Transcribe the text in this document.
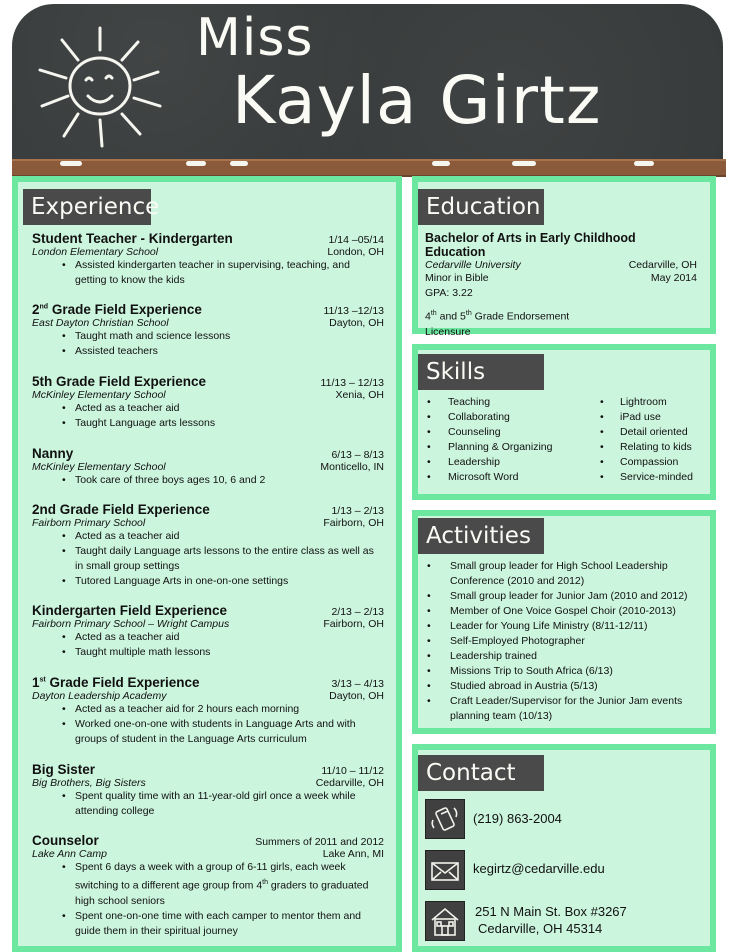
Miss
Kayla Girtz
Experience
Student Teacher - Kindergarten	1/14 –05/14
London Elementary School	London, OH
• Assisted kindergarten teacher in supervising, teaching, and getting to know the kids
2nd Grade Field Experience	11/13 –12/13
East Dayton Christian School	Dayton, OH
• Taught math and science lessons
• Assisted teachers
5th Grade Field Experience	11/13 – 12/13
McKinley Elementary School	Xenia, OH
• Acted as a teacher aid
• Taught Language arts lessons
Nanny	6/13 – 8/13
McKinley Elementary School	Monticello, IN
• Took care of three boys ages 10, 6 and 2
2nd Grade Field Experience	1/13 – 2/13
Fairborn Primary School	Fairborn, OH
• Acted as a teacher aid
• Taught daily Language arts lessons to the entire class as well as in small group settings
• Tutored Language Arts in one-on-one settings
Kindergarten Field Experience	2/13 – 2/13
Fairborn Primary School – Wright Campus	Fairborn, OH
• Acted as a teacher aid
• Taught multiple math lessons
1st Grade Field Experience	3/13 – 4/13
Dayton Leadership Academy	Dayton, OH
• Acted as a teacher aid for 2 hours each morning
• Worked one-on-one with students in Language Arts and with groups of student in the Language Arts curriculum
Big Sister	11/10 – 11/12
Big Brothers, Big Sisters	Cedarville, OH
• Spent quality time with an 11-year-old girl once a week while attending college
Counselor	Summers of 2011 and 2012
Lake Ann Camp	Lake Ann, MI
• Spent 6 days a week with a group of 6-11 girls, each week switching to a different age group from 4th graders to graduated high school seniors
• Spent one-on-one time with each camper to mentor them and guide them in their spiritual journey
Education
Bachelor of Arts in Early Childhood Education
Cedarville University	Cedarville, OH
Minor in Bible	May 2014
GPA: 3.22
4th and 5th Grade Endorsement
Licensure
Skills
• Teaching
• Collaborating
• Counseling
• Planning & Organizing
• Leadership
• Microsoft Word
• Lightroom
• iPad use
• Detail oriented
• Relating to kids
• Compassion
• Service-minded
Activities
• Small group leader for High School Leadership Conference (2010 and 2012)
• Small group leader for Junior Jam (2010 and 2012)
• Member of One Voice Gospel Choir (2010-2013)
• Leader for Young Life Ministry (8/11-12/11)
• Self-Employed Photographer
• Leadership trained
• Missions Trip to South Africa (6/13)
• Studied abroad in Austria (5/13)
• Craft Leader/Supervisor for the Junior Jam events planning team (10/13)
Contact
(219) 863-2004
kegirtz@cedarville.edu
251 N Main St. Box #3267
Cedarville, OH 45314
